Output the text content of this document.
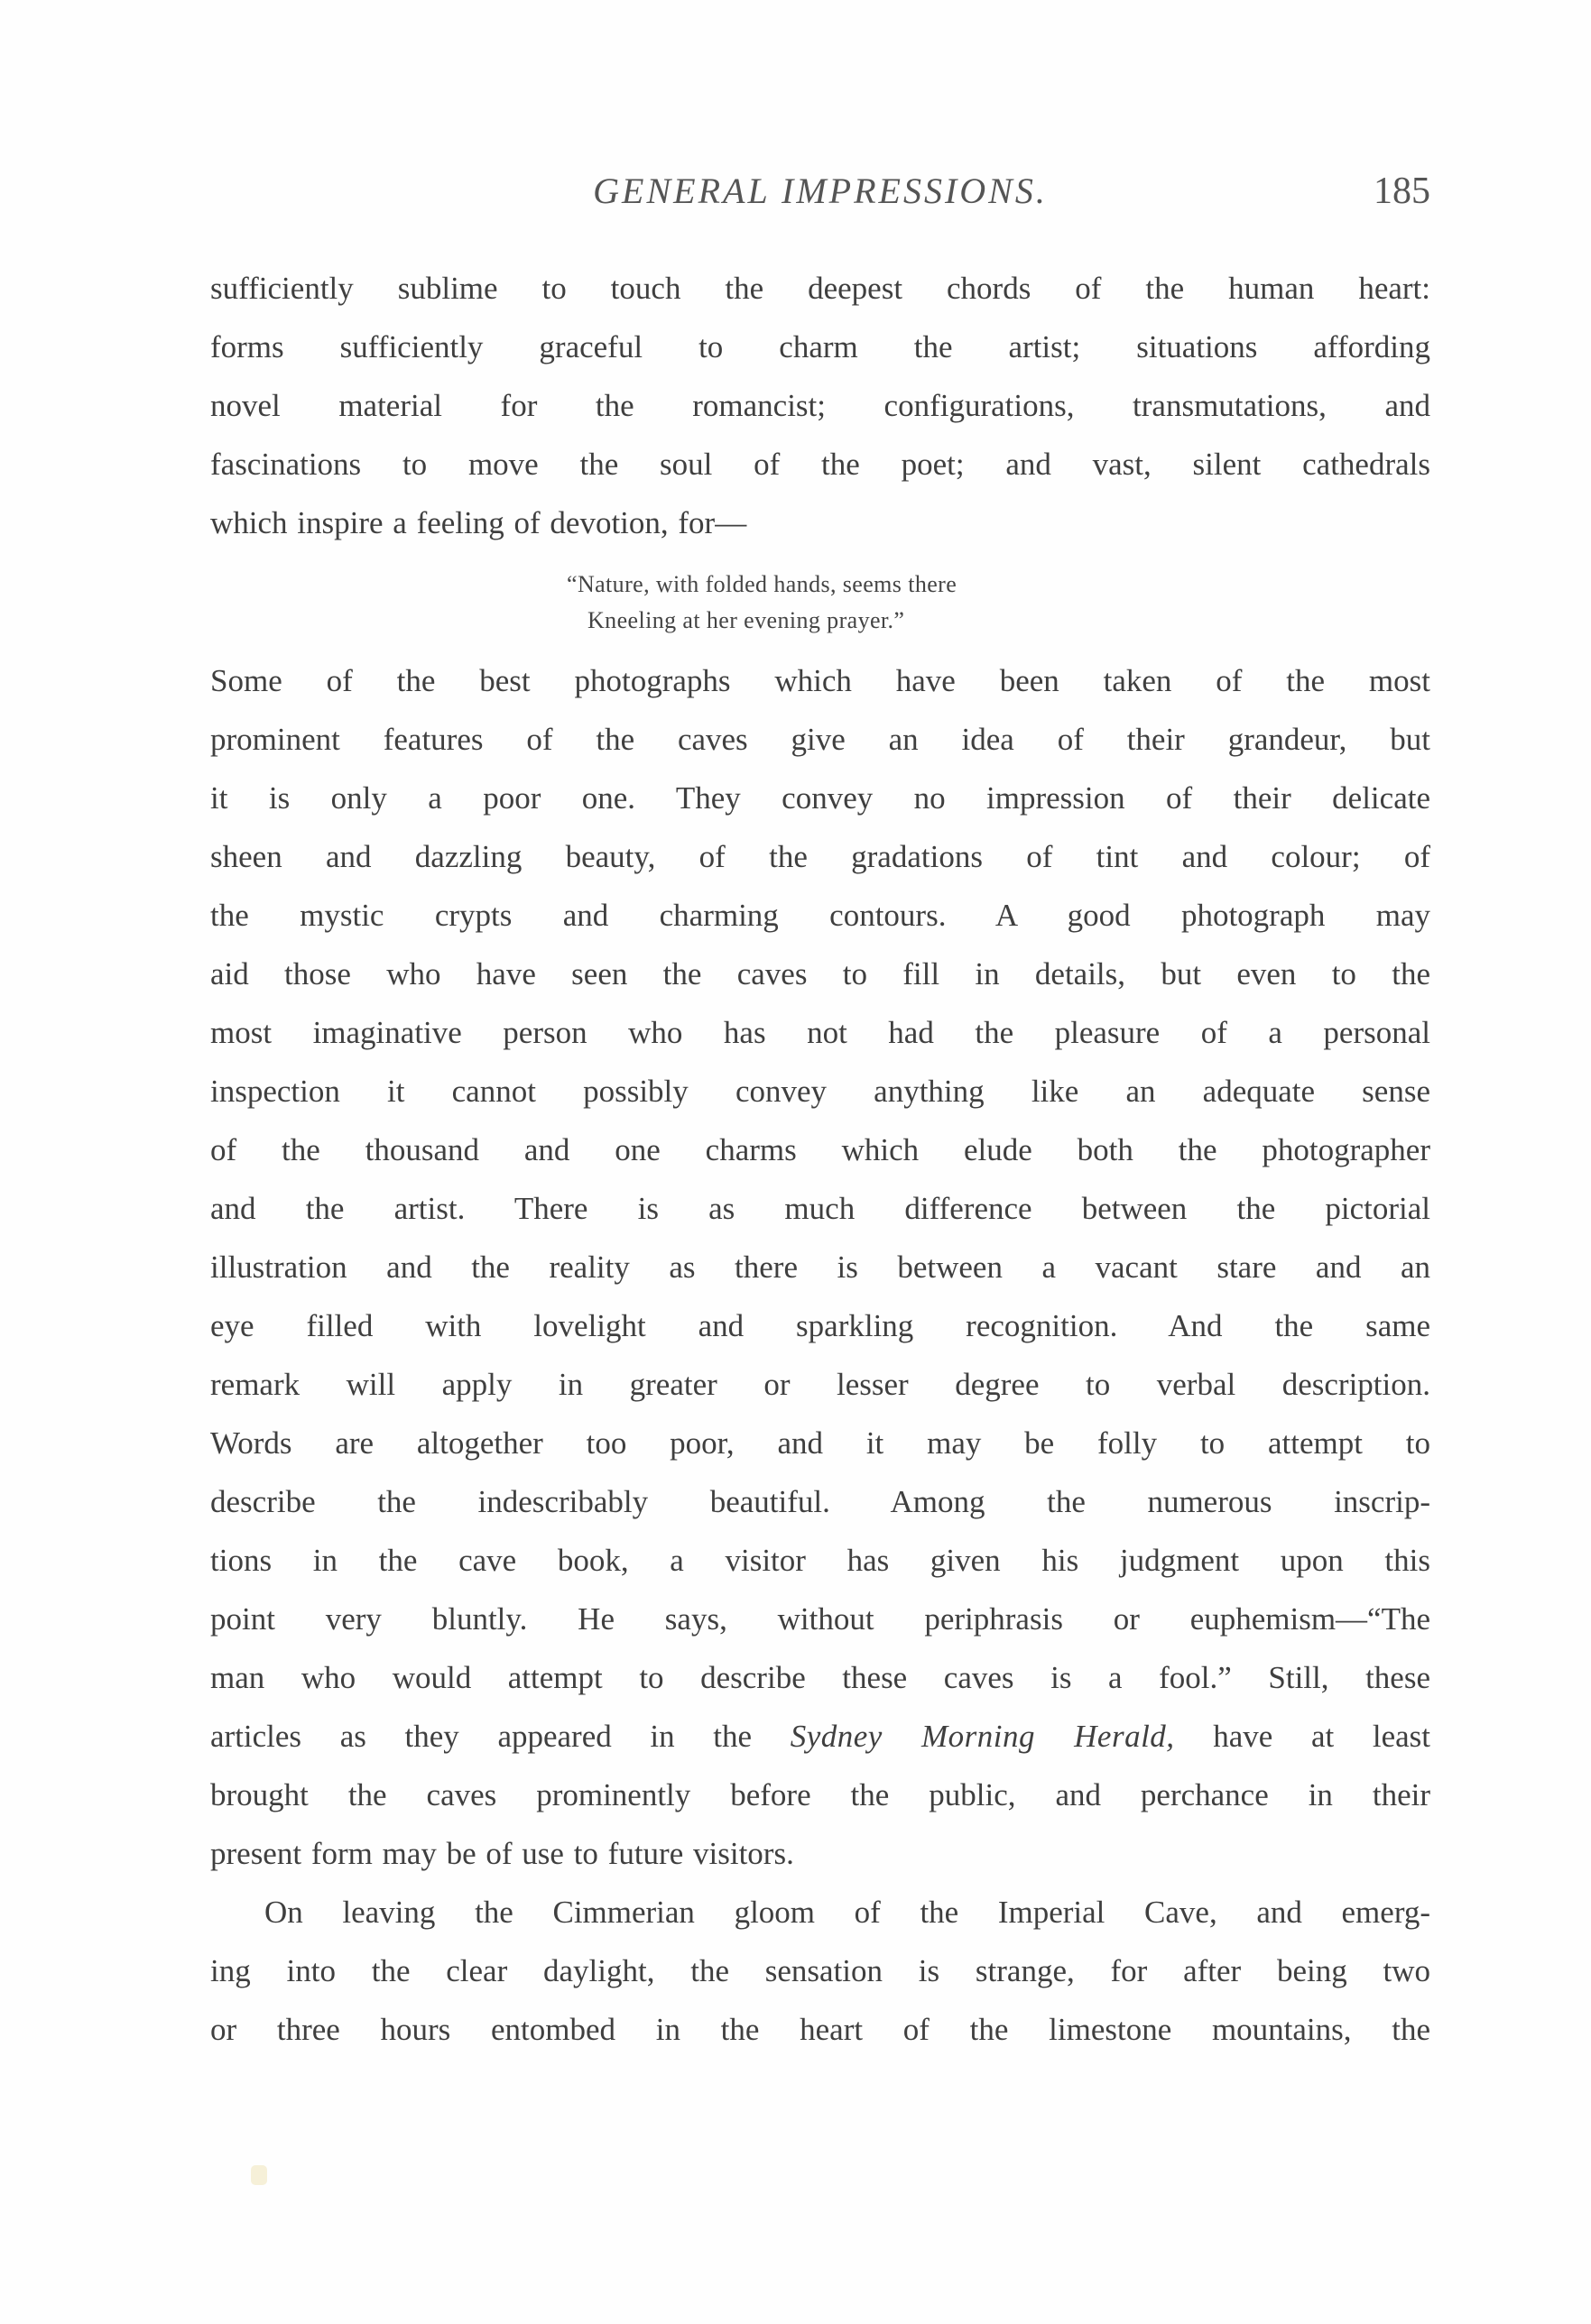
GENERAL IMPRESSIONS.	185
sufficiently sublime to touch the deepest chords of the human heart:
forms sufficiently graceful to charm the artist; situations affording
novel material for the romancist; configurations, transmutations, and
fascinations to move the soul of the poet; and vast, silent cathedrals
which inspire a feeling of devotion, for—
“Nature, with folded hands, seems there
Kneeling at her evening prayer.”
Some of the best photographs which have been taken of the most
prominent features of the caves give an idea of their grandeur, but
it is only a poor one. They convey no impression of their delicate
sheen and dazzling beauty, of the gradations of tint and colour; of
the mystic crypts and charming contours. A good photograph may
aid those who have seen the caves to fill in details, but even to the
most imaginative person who has not had the pleasure of a personal
inspection it cannot possibly convey anything like an adequate sense
of the thousand and one charms which elude both the photographer
and the artist. There is as much difference between the pictorial
illustration and the reality as there is between a vacant stare and an
eye filled with lovelight and sparkling recognition. And the same
remark will apply in greater or lesser degree to verbal description.
Words are altogether too poor, and it may be folly to attempt to
describe the indescribably beautiful. Among the numerous inscrip-
tions in the cave book, a visitor has given his judgment upon this
point very bluntly. He says, without periphrasis or euphemism—“The
man who would attempt to describe these caves is a fool.” Still, these
articles as they appeared in the Sydney Morning Herald, have at least
brought the caves prominently before the public, and perchance in their
present form may be of use to future visitors.
On leaving the Cimmerian gloom of the Imperial Cave, and emerg-
ing into the clear daylight, the sensation is strange, for after being two
or three hours entombed in the heart of the limestone mountains, the
